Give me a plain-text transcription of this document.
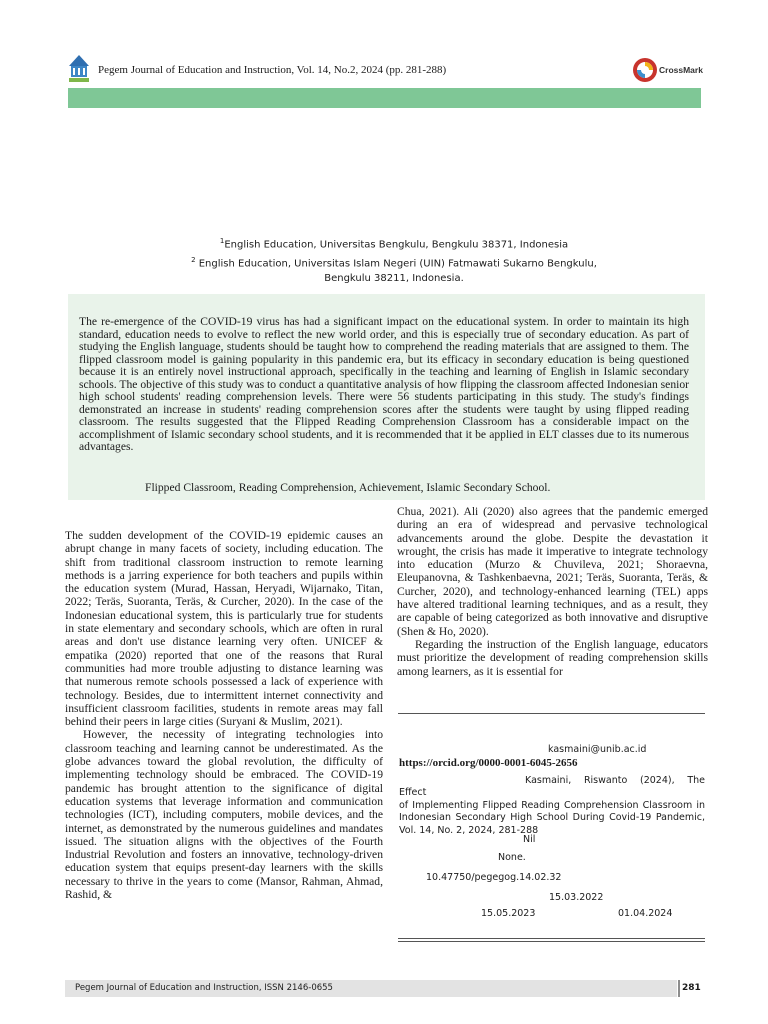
Pegem Journal of Education and Instruction, Vol. 14, No.2, 2024 (pp. 281-288)	CrossMark
$^1$English Education, Universitas Bengkulu, Bengkulu 38371, Indonesia
$^2$ English Education, Universitas Islam Negeri (UIN) Fatmawati Sukarno Bengkulu,
Bengkulu 38211, Indonesia.
The re-emergence of the COVID-19 virus has had a significant impact on the educational system. In order to maintain its high standard, education needs to evolve to reflect the new world order, and this is especially true of secondary education. As part of studying the English language, students should be taught how to comprehend the reading materials that are assigned to them. The flipped classroom model is gaining popularity in this pandemic era, but its efficacy in secondary education is being questioned because it is an entirely novel instructional approach, specifically in the teaching and learning of English in Islamic secondary schools. The objective of this study was to conduct a quantitative analysis of how flipping the classroom affected Indonesian senior high school students' reading comprehension levels. There were 56 students participating in this study. The study's findings demonstrated an increase in students' reading comprehension scores after the students were taught by using flipped reading classroom. The results suggested that the Flipped Reading Comprehension Classroom has a considerable impact on the accomplishment of Islamic secondary school students, and it is recommended that it be applied in ELT classes due to its numerous advantages.
Flipped Classroom, Reading Comprehension, Achievement, Islamic Secondary School.

The sudden development of the COVID-19 epidemic causes an abrupt change in many facets of society, including education. The shift from traditional classroom instruction to remote learning methods is a jarring experience for both teachers and pupils within the education system (Murad, Hassan, Heryadi, Wijarnako, Titan, 2022; Teräs, Suoranta, Teräs, & Curcher, 2020). In the case of the Indonesian educational system, this is particularly true for students in state elementary and secondary schools, which are often in rural areas and don't use distance learning very often. UNICEF & empatika (2020) reported that one of the reasons that Rural communities had more trouble adjusting to distance learning was that numerous remote schools possessed a lack of experience with technology. Besides, due to intermittent internet connectivity and insufficient classroom facilities, students in remote areas may fall behind their peers in large cities (Suryani & Muslim, 2021).

However, the necessity of integrating technologies into classroom teaching and learning cannot be underestimated. As the globe advances toward the global revolution, the difficulty of implementing technology should be embraced. The COVID-19 pandemic has brought attention to the significance of digital education systems that leverage information and communication technologies (ICT), including computers, mobile devices, and the internet, as demonstrated by the numerous guidelines and mandates issued. The situation aligns with the objectives of the Fourth Industrial Revolution and fosters an innovative, technology-driven education system that equips present-day learners with the skills necessary to thrive in the years to come (Mansor, Rahman, Ahmad, Rashid, &

Chua, 2021). Ali (2020) also agrees that the pandemic emerged during an era of widespread and pervasive technological advancements around the globe. Despite the devastation it wrought, the crisis has made it imperative to integrate technology into education (Murzo & Chuvileva, 2021; Shoraevna, Eleupanovna, & Tashkenbaevna, 2021; Teräs, Suoranta, Teräs, & Curcher, 2020), and technology-enhanced learning (TEL) apps have altered traditional learning techniques, and as a result, they are capable of being categorized as both innovative and disruptive (Shen & Ho, 2020).

Regarding the instruction of the English language, educators must prioritize the development of reading comprehension skills among learners, as it is essential for

kasmaini@unib.ac.id
https://orcid.org/0000-0001-6045-2656
Kasmaini, Riswanto (2024), The Effect
of Implementing Flipped Reading Comprehension Classroom in Indonesian Secondary High School During Covid-19 Pandemic, Vol. 14, No. 2, 2024, 281-288
Nil
None.
10.47750/pegegog.14.02.32
15.03.2022
15.05.2023	01.04.2024
Pegem Journal of Education and Instruction, ISSN 2146-0655	281
